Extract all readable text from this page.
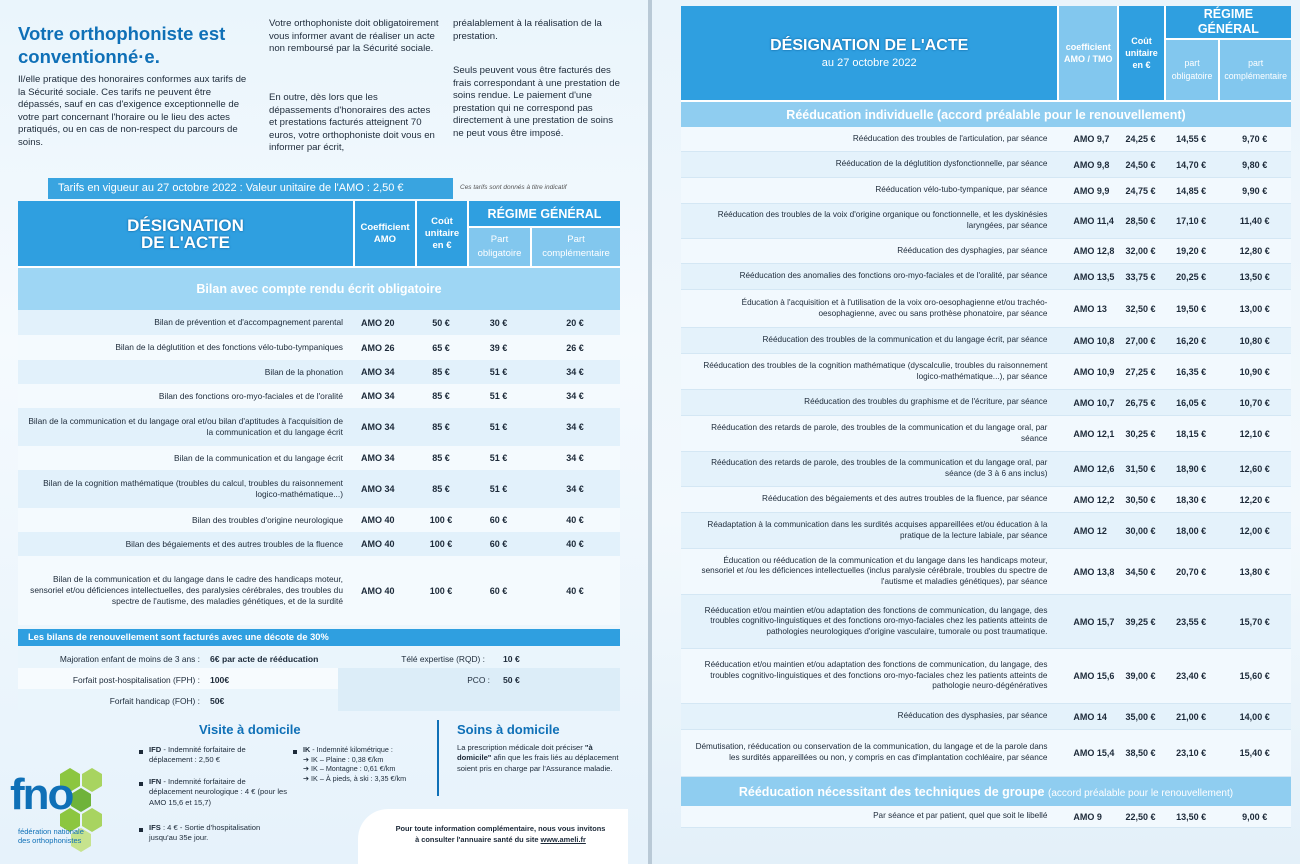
Votre orthophoniste est conventionné·e.
Il/elle pratique des honoraires conformes aux tarifs de la Sécurité sociale. Ces tarifs ne peuvent être dépassés, sauf en cas d'exigence exceptionnelle de votre part concernant l'horaire ou le lieu des actes pratiqués, ou en cas de non-respect du parcours de soins.
Votre orthophoniste doit obligatoirement vous informer avant de réaliser un acte non remboursé par la Sécurité sociale.
En outre, dès lors que les dépassements d'honoraires des actes et prestations facturés atteignent 70 euros, votre orthophoniste doit vous en informer par écrit,
préalablement à la réalisation de la prestation.
Seuls peuvent vous être facturés des frais correspondant à une prestation de soins rendue. Le paiement d'une prestation qui ne correspond pas directement à une prestation de soins ne peut vous être imposé.
Tarifs en vigueur au 27 octobre 2022 : Valeur unitaire de l'AMO : 2,50 €	Ces tarifs sont donnés à titre indicatif
DÉSIGNATION
DE L'ACTE	Coefficient AMO	Coût unitaire en €	RÉGIME GÉNÉRAL	
			Part obligatoire	Part complémentaire
Bilan avec compte rendu écrit obligatoire				
Bilan de prévention et d'accompagnement parental	AMO 20	50 €	30 €	20 €
Bilan de la déglutition et des fonctions vélo-tubo-tympaniques	AMO 26	65 €	39 €	26 €
Bilan de la phonation	AMO 34	85 €	51 €	34 €
Bilan des fonctions oro-myo-faciales et de l'oralité	AMO 34	85 €	51 €	34 €
Bilan de la communication et du langage oral et/ou bilan d'aptitudes à l'acquisition de la communication et du langage écrit	AMO 34	85 €	51 €	34 €
Bilan de la communication et du langage écrit	AMO 34	85 €	51 €	34 €
Bilan de la cognition mathématique (troubles du calcul, troubles du raisonnement logico-mathématique...)	AMO 34	85 €	51 €	34 €
Bilan des troubles d'origine neurologique	AMO 40	100 €	60 €	40 €
Bilan des bégaiements et des autres troubles de la fluence	AMO 40	100 €	60 €	40 €
Bilan de la communication et du langage dans le cadre des handicaps moteur, sensoriel et/ou déficiences intellectuelles, des paralysies cérébrales, des troubles du spectre de l'autisme, des maladies génétiques, et de la surdité	AMO 40	100 €	60 €	40 €
Les bilans de renouvellement sont facturés avec une décote de 30%
Majoration enfant de moins de 3 ans : 6€ par acte de rééducation	Télé expertise (RQD) : 10 €
Forfait post-hospitalisation (FPH) : 100€	PCO : 50 €
Forfait handicap (FOH) : 50€
Visite à domicile
IFD - Indemnité forfaitaire de déplacement : 2,50 €
IFN - Indemnité forfaitaire de déplacement neurologique : 4 € (pour les AMO 15,6 et 15,7)
IFS : 4 € - Sortie d'hospitalisation jusqu'au 35e jour.
IK - Indemnité kilométrique :
➔ IK – Plaine : 0,38 €/km
➔ IK – Montagne : 0,61 €/km
➔ IK – À pieds, à ski : 3,35 €/km
Soins à domicile
La prescription médicale doit préciser "à domicile" afin que les frais liés au déplacement soient pris en charge par l'Assurance maladie.
fno
fédération nationale
des orthophonistes
Pour toute information complémentaire, nous vous invitons
à consulter l'annuaire santé du site www.ameli.fr
DÉSIGNATION DE L'ACTE
au 27 octobre 2022	coefficient AMO / TMO	Coût unitaire en €	RÉGIME GÉNÉRAL	
			part obligatoire	part complémentaire
Rééducation individuelle (accord préalable pour le renouvellement)				
Rééducation des troubles de l'articulation, par séance	AMO 9,7	24,25 €	14,55 €	9,70 €
Rééducation de la déglutition dysfonctionnelle, par séance	AMO 9,8	24,50 €	14,70 €	9,80 €
Rééducation vélo-tubo-tympanique, par séance	AMO 9,9	24,75 €	14,85 €	9,90 €
Rééducation des troubles de la voix d'origine organique ou fonctionnelle, et les dyskinésies laryngées, par séance	AMO 11,4	28,50 €	17,10 €	11,40 €
Rééducation des dysphagies, par séance	AMO 12,8	32,00 €	19,20 €	12,80 €
Rééducation des anomalies des fonctions oro-myo-faciales et de l'oralité, par séance	AMO 13,5	33,75 €	20,25 €	13,50 €
Éducation à l'acquisition et à l'utilisation de la voix oro-oesophagienne et/ou trachéo-oesophagienne, avec ou sans prothèse phonatoire, par séance	AMO 13	32,50 €	19,50 €	13,00 €
Rééducation des troubles de la communication et du langage écrit, par séance	AMO 10,8	27,00 €	16,20 €	10,80 €
Rééducation des troubles de la cognition mathématique (dyscalculie, troubles du raisonnement logico-mathématique...), par séance	AMO 10,9	27,25 €	16,35 €	10,90 €
Rééducation des troubles du graphisme et de l'écriture, par séance	AMO 10,7	26,75 €	16,05 €	10,70 €
Rééducation des retards de parole, des troubles de la communication et du langage oral, par séance	AMO 12,1	30,25 €	18,15 €	12,10 €
Rééducation des retards de parole, des troubles de la communication et du langage oral, par séance (de 3 à 6 ans inclus)	AMO 12,6	31,50 €	18,90 €	12,60 €
Rééducation des bégaiements et des autres troubles de la fluence, par séance	AMO 12,2	30,50 €	18,30 €	12,20 €
Réadaptation à la communication dans les surdités acquises appareillées et/ou éducation à la pratique de la lecture labiale, par séance	AMO 12	30,00 €	18,00 €	12,00 €
Éducation ou rééducation de la communication et du langage dans les handicaps moteur, sensoriel et /ou les déficiences intellectuelles (inclus paralysie cérébrale, troubles du spectre de l'autisme et maladies génétiques), par séance	AMO 13,8	34,50 €	20,70 €	13,80 €
Rééducation et/ou maintien et/ou adaptation des fonctions de communication, du langage, des troubles cognitivo-linguistiques et des fonctions oro-myo-faciales chez les patients atteints de pathologies neurologiques d'origine vasculaire, tumorale ou post traumatique.	AMO 15,7	39,25 €	23,55 €	15,70 €
Rééducation et/ou maintien et/ou adaptation des fonctions de communication, du langage, des troubles cognitivo-linguistiques et des fonctions oro-myo-faciales chez les patients atteints de pathologie neuro-dégénératives	AMO 15,6	39,00 €	23,40 €	15,60 €
Rééducation des dysphasies, par séance	AMO 14	35,00 €	21,00 €	14,00 €
Démutisation, rééducation ou conservation de la communication, du langage et de la parole dans les surdités appareillées ou non, y compris en cas d'implantation cochléaire, par séance	AMO 15,4	38,50 €	23,10 €	15,40 €
Rééducation nécessitant des techniques de groupe (accord préalable pour le renouvellement)				
Par séance et par patient, quel que soit le libellé	AMO 9	22,50 €	13,50 €	9,00 €
